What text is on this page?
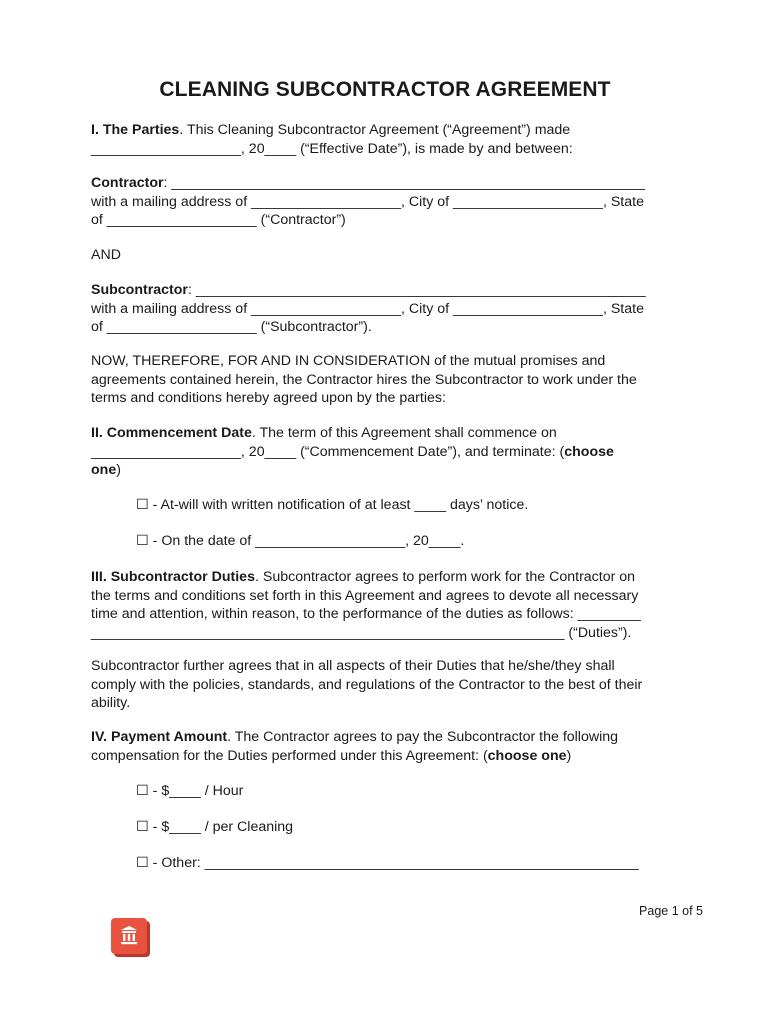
CLEANING SUBCONTRACTOR AGREEMENT
I. The Parties. This Cleaning Subcontractor Agreement (“Agreement”) made
___________________, 20____ (“Effective Date”), is made by and between:
Contractor: ____________________________________________________________
with a mailing address of ___________________, City of ___________________, State
of ___________________ (“Contractor”)
AND
Subcontractor: _________________________________________________________
with a mailing address of ___________________, City of ___________________, State
of ___________________ (“Subcontractor”).
NOW, THEREFORE, FOR AND IN CONSIDERATION of the mutual promises and
agreements contained herein, the Contractor hires the Subcontractor to work under the
terms and conditions hereby agreed upon by the parties:
II. Commencement Date. The term of this Agreement shall commence on
___________________, 20____ (“Commencement Date”), and terminate: (choose
one)
☐ - At-will with written notification of at least ____ days’ notice.
☐ - On the date of ___________________, 20____.
III. Subcontractor Duties. Subcontractor agrees to perform work for the Contractor on
the terms and conditions set forth in this Agreement and agrees to devote all necessary
time and attention, within reason, to the performance of the duties as follows: ________
____________________________________________________________ (“Duties”).
Subcontractor further agrees that in all aspects of their Duties that he/she/they shall
comply with the policies, standards, and regulations of the Contractor to the best of their
ability.
IV. Payment Amount. The Contractor agrees to pay the Subcontractor the following
compensation for the Duties performed under this Agreement: (choose one)
☐ - $____ / Hour
☐ - $____ / per Cleaning
☐ - Other: _______________________________________________________
Page 1 of 5
